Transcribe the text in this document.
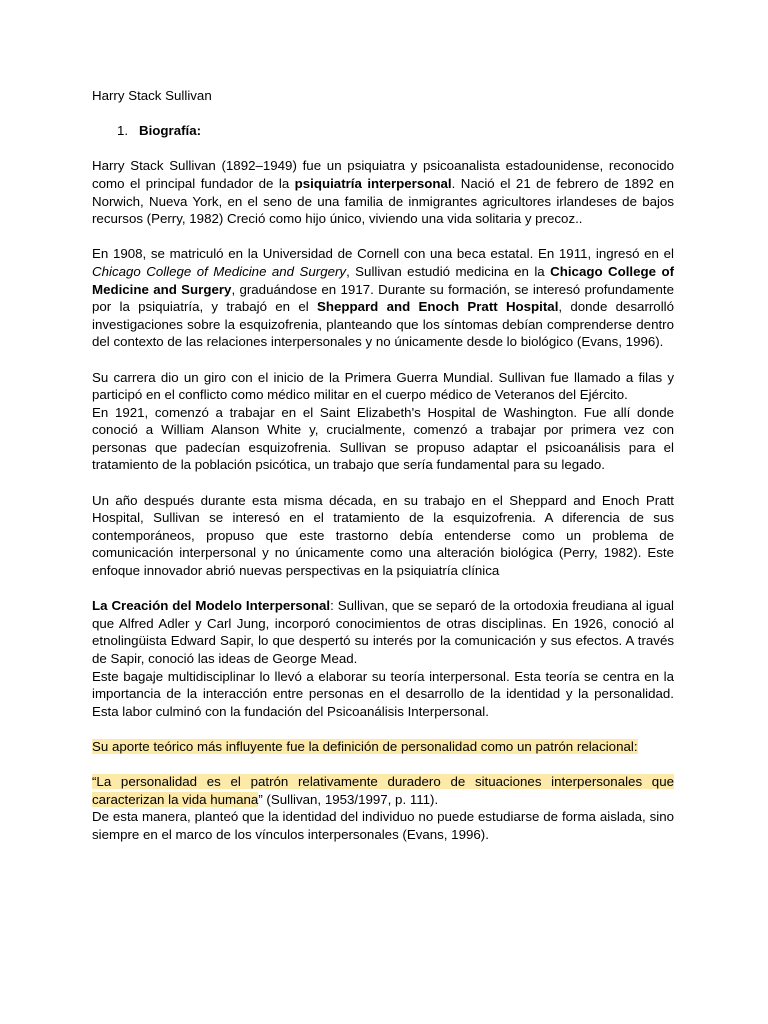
Harry Stack Sullivan

1. Biografía:

Harry Stack Sullivan (1892–1949) fue un psiquiatra y psicoanalista estadounidense, reconocido como el principal fundador de la psiquiatría interpersonal. Nació el 21 de febrero de 1892 en Norwich, Nueva York, en el seno de una familia de inmigrantes agricultores irlandeses de bajos recursos (Perry, 1982) Creció como hijo único, viviendo una vida solitaria y precoz..

En 1908, se matriculó en la Universidad de Cornell con una beca estatal. En 1911, ingresó en el Chicago College of Medicine and Surgery, Sullivan estudió medicina en la Chicago College of Medicine and Surgery, graduándose en 1917. Durante su formación, se interesó profundamente por la psiquiatría, y trabajó en el Sheppard and Enoch Pratt Hospital, donde desarrolló investigaciones sobre la esquizofrenia, planteando que los síntomas debían comprenderse dentro del contexto de las relaciones interpersonales y no únicamente desde lo biológico (Evans, 1996).

Su carrera dio un giro con el inicio de la Primera Guerra Mundial. Sullivan fue llamado a filas y participó en el conflicto como médico militar en el cuerpo médico de Veteranos del Ejército.

En 1921, comenzó a trabajar en el Saint Elizabeth's Hospital de Washington. Fue allí donde conoció a William Alanson White y, crucialmente, comenzó a trabajar por primera vez con personas que padecían esquizofrenia. Sullivan se propuso adaptar el psicoanálisis para el tratamiento de la población psicótica, un trabajo que sería fundamental para su legado.

Un año después durante esta misma década, en su trabajo en el Sheppard and Enoch Pratt Hospital, Sullivan se interesó en el tratamiento de la esquizofrenia. A diferencia de sus contemporáneos, propuso que este trastorno debía entenderse como un problema de comunicación interpersonal y no únicamente como una alteración biológica (Perry, 1982). Este enfoque innovador abrió nuevas perspectivas en la psiquiatría clínica

La Creación del Modelo Interpersonal: Sullivan, que se separó de la ortodoxia freudiana al igual que Alfred Adler y Carl Jung, incorporó conocimientos de otras disciplinas. En 1926, conoció al etnolingüista Edward Sapir, lo que despertó su interés por la comunicación y sus efectos. A través de Sapir, conoció las ideas de George Mead.

Este bagaje multidisciplinar lo llevó a elaborar su teoría interpersonal. Esta teoría se centra en la importancia de la interacción entre personas en el desarrollo de la identidad y la personalidad. Esta labor culminó con la fundación del Psicoanálisis Interpersonal.

Su aporte teórico más influyente fue la definición de personalidad como un patrón relacional:

“La personalidad es el patrón relativamente duradero de situaciones interpersonales que caracterizan la vida humana” (Sullivan, 1953/1997, p. 111).

De esta manera, planteó que la identidad del individuo no puede estudiarse de forma aislada, sino siempre en el marco de los vínculos interpersonales (Evans, 1996).
